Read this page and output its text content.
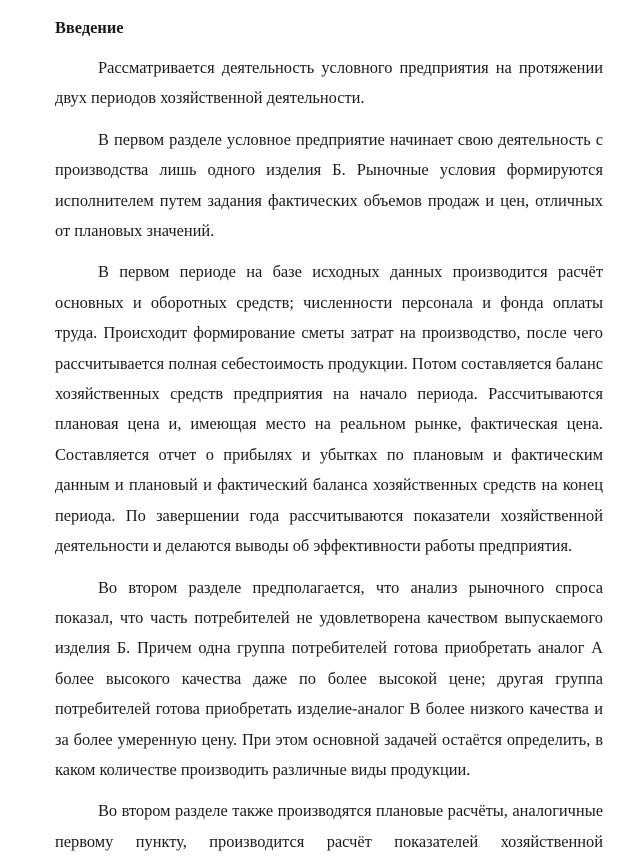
Введение

Рассматривается деятельность условного предприятия на протяжении двух периодов хозяйственной деятельности.

В первом разделе условное предприятие начинает свою деятельность с производства лишь одного изделия Б. Рыночные условия формируются исполнителем путем задания фактических объемов продаж и цен, отличных от плановых значений.

В первом периоде на базе исходных данных производится расчёт основных и оборотных средств; численности персонала и фонда оплаты труда. Происходит формирование сметы затрат на производство, после чего рассчитывается полная себестоимость продукции. Потом составляется баланс хозяйственных средств предприятия на начало периода. Рассчитываются плановая цена и, имеющая место на реальном рынке, фактическая цена. Составляется отчет о прибылях и убытках по плановым и фактическим данным и плановый и фактический баланса хозяйственных средств на конец периода. По завершении года рассчитываются показатели хозяйственной деятельности и делаются выводы об эффективности работы предприятия.

Во втором разделе предполагается, что анализ рыночного спроса показал, что часть потребителей не удовлетворена качеством выпускаемого изделия Б. Причем одна группа потребителей готова приобретать аналог А более высокого качества даже по более высокой цене; другая группа потребителей готова приобретать изделие-аналог В более низкого качества и за более умеренную цену. При этом основной задачей остаётся определить, в каком количестве производить различные виды продукции.

Во втором разделе также производятся плановые расчёты, аналогичные первому пункту, производится расчёт показателей хозяйственной
